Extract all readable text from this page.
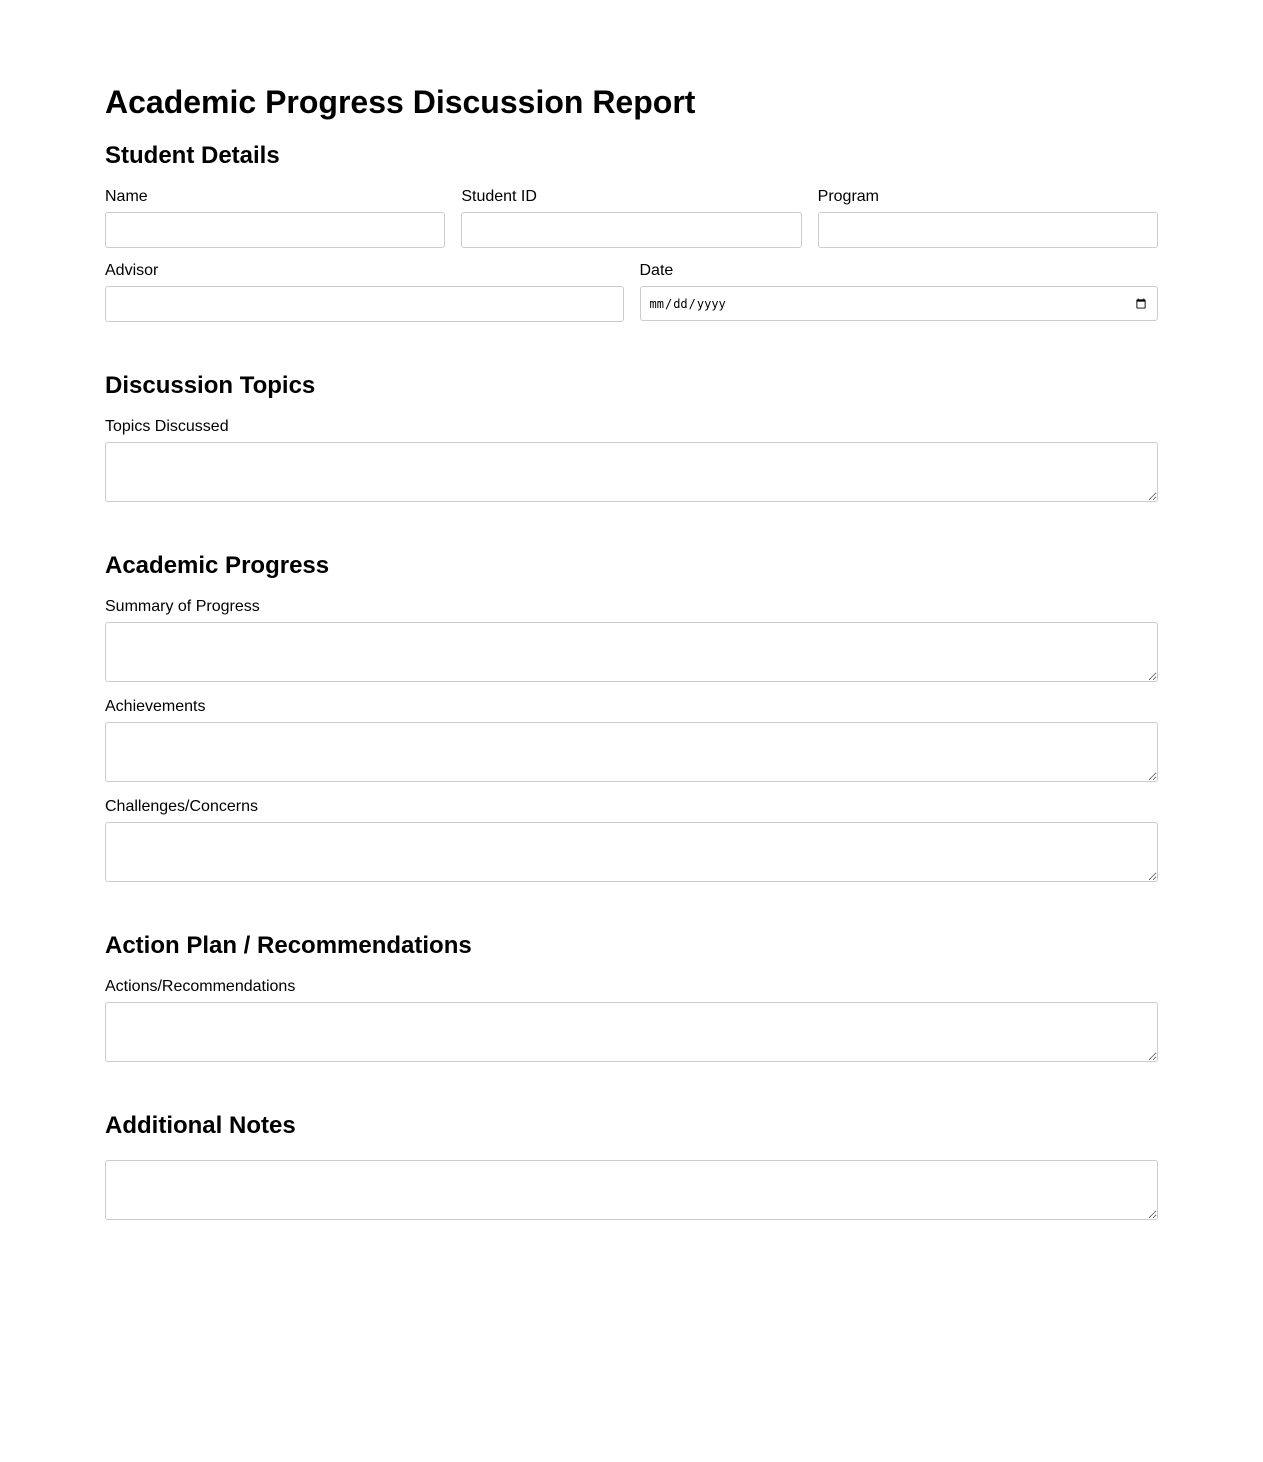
Academic Progress Discussion Report
Student Details
Name	Student ID	Program
Advisor	Date
Discussion Topics
Topics Discussed
Academic Progress
Summary of Progress
Achievements
Challenges/Concerns
Action Plan / Recommendations
Actions/Recommendations
Additional Notes
